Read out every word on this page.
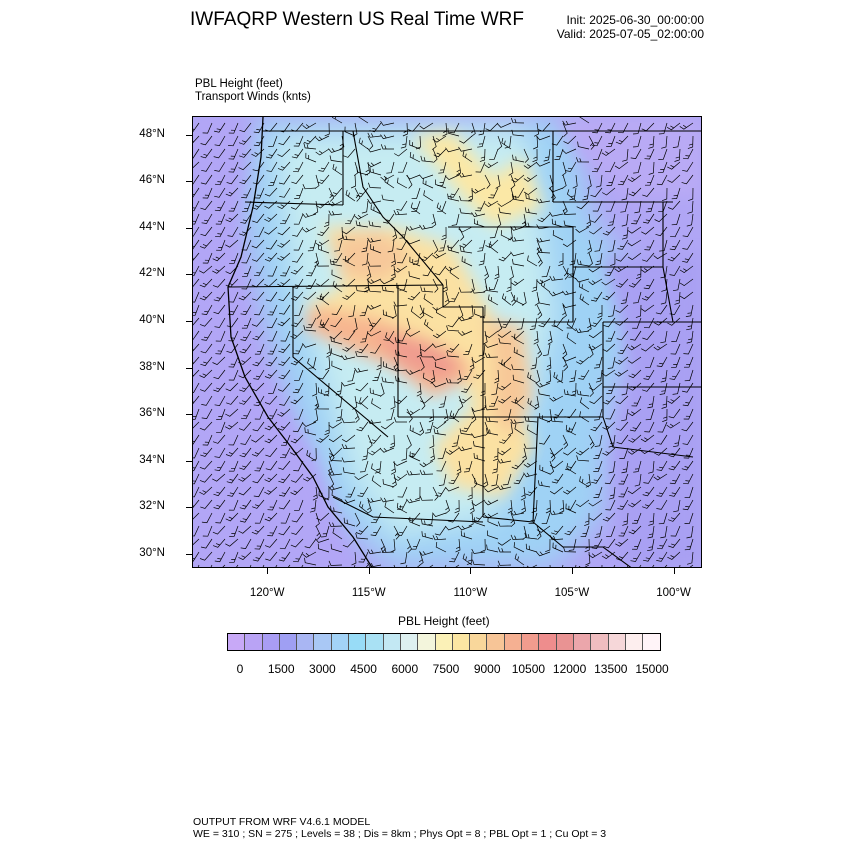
IWFAQRP Western US Real Time WRF	Init: 2025-06-30_00:00:00
Valid: 2025-07-05_02:00:00
PBL Height (feet)
Transport Winds (knts)
48°N
46°N
44°N
42°N
40°N
38°N
36°N
34°N
32°N
30°N
120°W	115°W	110°W	105°W	100°W
PBL Height (feet)
0 1500 3000 4500 6000 7500 9000 10500 12000 13500 15000
OUTPUT FROM WRF V4.6.1 MODEL
WE = 310 ; SN = 275 ; Levels = 38 ; Dis = 8km ; Phys Opt = 8 ; PBL Opt = 1 ; Cu Opt = 3
